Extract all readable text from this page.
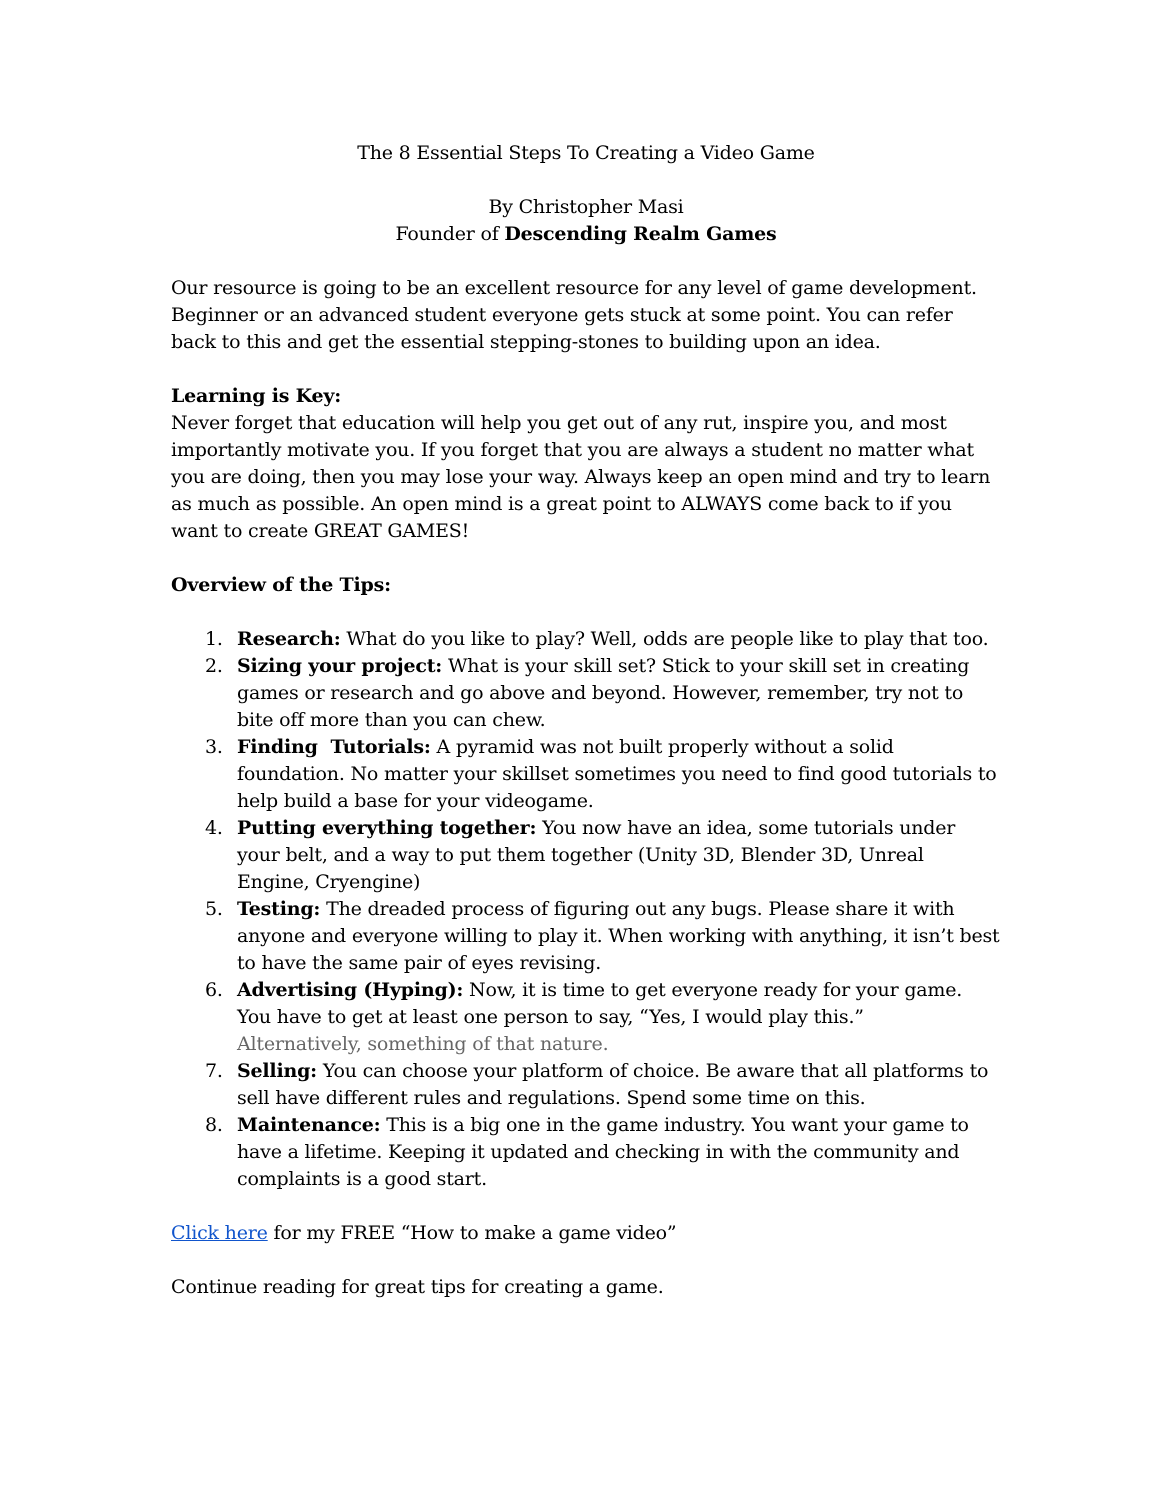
The 8 Essential Steps To Creating a Video Game

By Christopher Masi
Founder of Descending Realm Games

Our resource is going to be an excellent resource for any level of game development. Beginner or an advanced student everyone gets stuck at some point. You can refer back to this and get the essential stepping-stones to building upon an idea.

Learning is Key:
Never forget that education will help you get out of any rut, inspire you, and most importantly motivate you. If you forget that you are always a student no matter what you are doing, then you may lose your way. Always keep an open mind and try to learn as much as possible. An open mind is a great point to ALWAYS come back to if you want to create GREAT GAMES!

Overview of the Tips:

1. Research: What do you like to play? Well, odds are people like to play that too.
2. Sizing your project: What is your skill set? Stick to your skill set in creating games or research and go above and beyond. However, remember, try not to bite off more than you can chew.
3. Finding  Tutorials: A pyramid was not built properly without a solid foundation. No matter your skillset sometimes you need to find good tutorials to help build a base for your videogame.
4. Putting everything together: You now have an idea, some tutorials under your belt, and a way to put them together (Unity 3D, Blender 3D, Unreal Engine, Cryengine)
5. Testing: The dreaded process of figuring out any bugs. Please share it with anyone and everyone willing to play it. When working with anything, it isn’t best to have the same pair of eyes revising.
6. Advertising (Hyping): Now, it is time to get everyone ready for your game. You have to get at least one person to say, “Yes, I would play this.”
Alternatively, something of that nature.
7. Selling: You can choose your platform of choice. Be aware that all platforms to sell have different rules and regulations. Spend some time on this.
8. Maintenance: This is a big one in the game industry. You want your game to have a lifetime. Keeping it updated and checking in with the community and complaints is a good start.

Click here for my FREE “How to make a game video”

Continue reading for great tips for creating a game.
